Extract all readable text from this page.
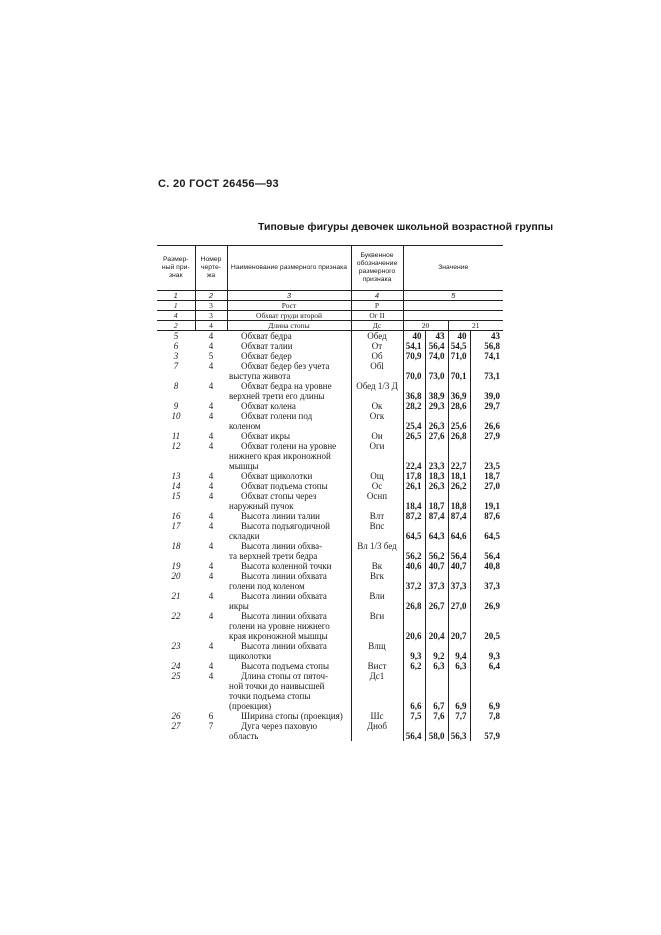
С. 20 ГОСТ 26456—93
Типовые фигуры девочек школьной возрастной группы
Размер-ный при-знак	Номер черте-жа	Наименование размерного признака	Буквенное обозначение размерного признака	Значение			
1	2	3	4	5			
1	3	Рост	Р				
4	3	Обхват груди второй	Ог II				
2	4	Длина стопы	Дс	20		21	
5	4	Обхват бедра	Обед	40	43	40	43
6	4	Обхват талии	От	54,1	56,4	54,5	56,8
3	5	Обхват бедер	Об	70,9	74,0	71,0	74,1
7	4	Обхват бедер без учета	Обl				
		выступа живота		70,0	73,0	70,1	73,1
8	4	Обхват бедра на уровне	Обед 1/3 Д				
		верхней трети его длины		36,8	38,9	36,9	39,0
9	4	Обхват колена	Ок	28,2	29,3	28,6	29,7
10	4	Обхват голени под	Огк				
		коленом		25,4	26,3	25,6	26,6
11	4	Обхват икры	Ои	26,5	27,6	26,8	27,9
12	4	Обхват голени на уровне	Оги				
		нижнего края икроножной					
		мышцы		22,4	23,3	22,7	23,5
13	4	Обхват щиколотки	Ощ	17,8	18,3	18,1	18,7
14	4	Обхват подъема стопы	Ос	26,1	26,3	26,2	27,0
15	4	Обхват стопы через	Оснп				
		наружный пучок		18,4	18,7	18,8	19,1
16	4	Высота линии талии	Влт	87,2	87,4	87,4	87,6
17	4	Высота подъягодичной	Впс				
		складки		64,5	64,3	64,6	64,5
18	4	Высота линии обхва-	Вл 1/3 бед				
		та верхней трети бедра		56,2	56,2	56,4	56,4
19	4	Высота коленной точки	Вк	40,6	40,7	40,7	40,8
20	4	Высота линии обхвата	Вгк				
		голени под коленом		37,2	37,3	37,3	37,3
21	4	Высота линии обхвата	Вли				
		икры		26,8	26,7	27,0	26,9
22	4	Высота линии обхвата	Вги				
		голени на уровне нижнего					
		края икроножной мышцы		20,6	20,4	20,7	20,5
23	4	Высота линии обхвата	Влщ				
		щиколотки		9,3	9,2	9,4	9,3
24	4	Высота подъема стопы	Вист	6,2	6,3	6,3	6,4
25	4	Длина стопы от пяточ-	Дс1				
		ной точки до наивысшей					
		точки подъема стопы					
		(проекция)		6,6	6,7	6,9	6,9
26	6	Ширина стопы (проекция)	Шс	7,5	7,6	7,7	7,8
27	7	Дуга через паховую	Дноб				
		область		56,4	58,0	56,3	57,9
